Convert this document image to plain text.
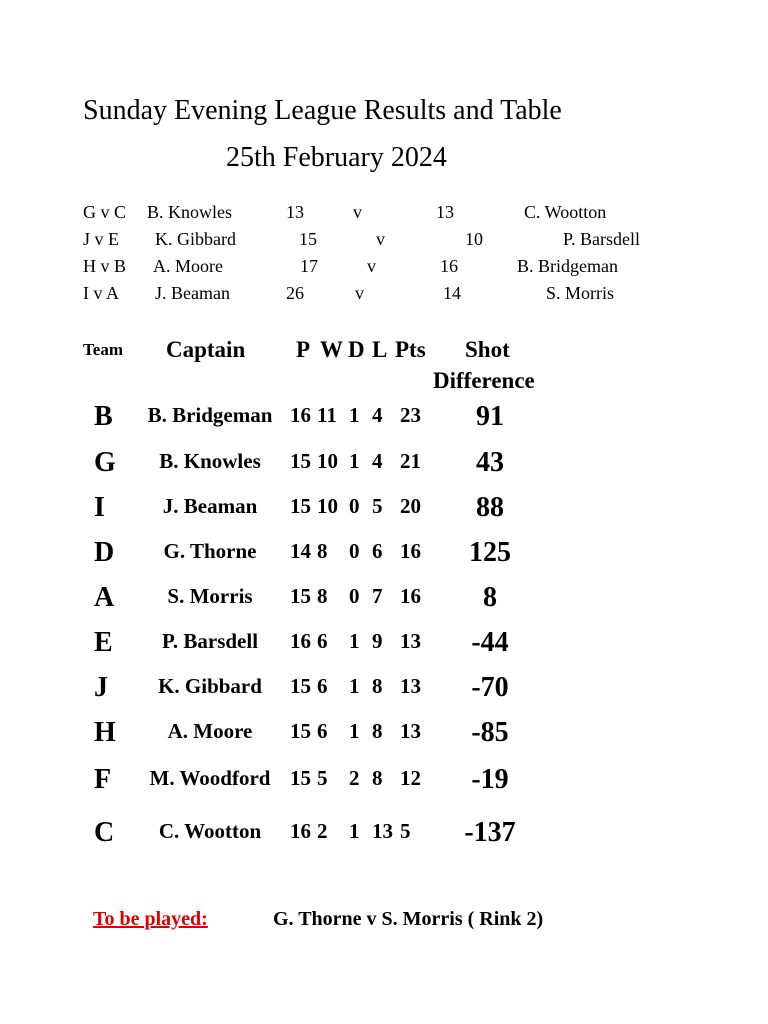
Sunday Evening League Results and Table
25th February 2024
G v C B. Knowles	13	v	13	C. Wootton
J v E K. Gibbard	15	v	10	P. Barsdell
H v B A. Moore	17	v	16	B. Bridgeman
I v A J. Beaman	26	v	14	S. Morris
Team Captain P W D L Pts Shot
Difference
B B. Bridgeman 16 11 1 4 23	91
G B. Knowles 15 10 1 4 21	43
I	J. Beaman 15 10 0 5 20	88
D G. Thorne 14 8 0 6 16	125
A	S. Morris 15 8 0 7 16	8
E P. Barsdell 16 6 1 9 13	-44
J K. Gibbard 15 6 1 8 13	-70
H A. Moore 15 6 1 8 13	-85
F M. Woodford 15 5 2 8 12	-19
C C. Wootton 16 2 1 13 5	-137
To be played:	G. Thorne v S. Morris ( Rink 2)
